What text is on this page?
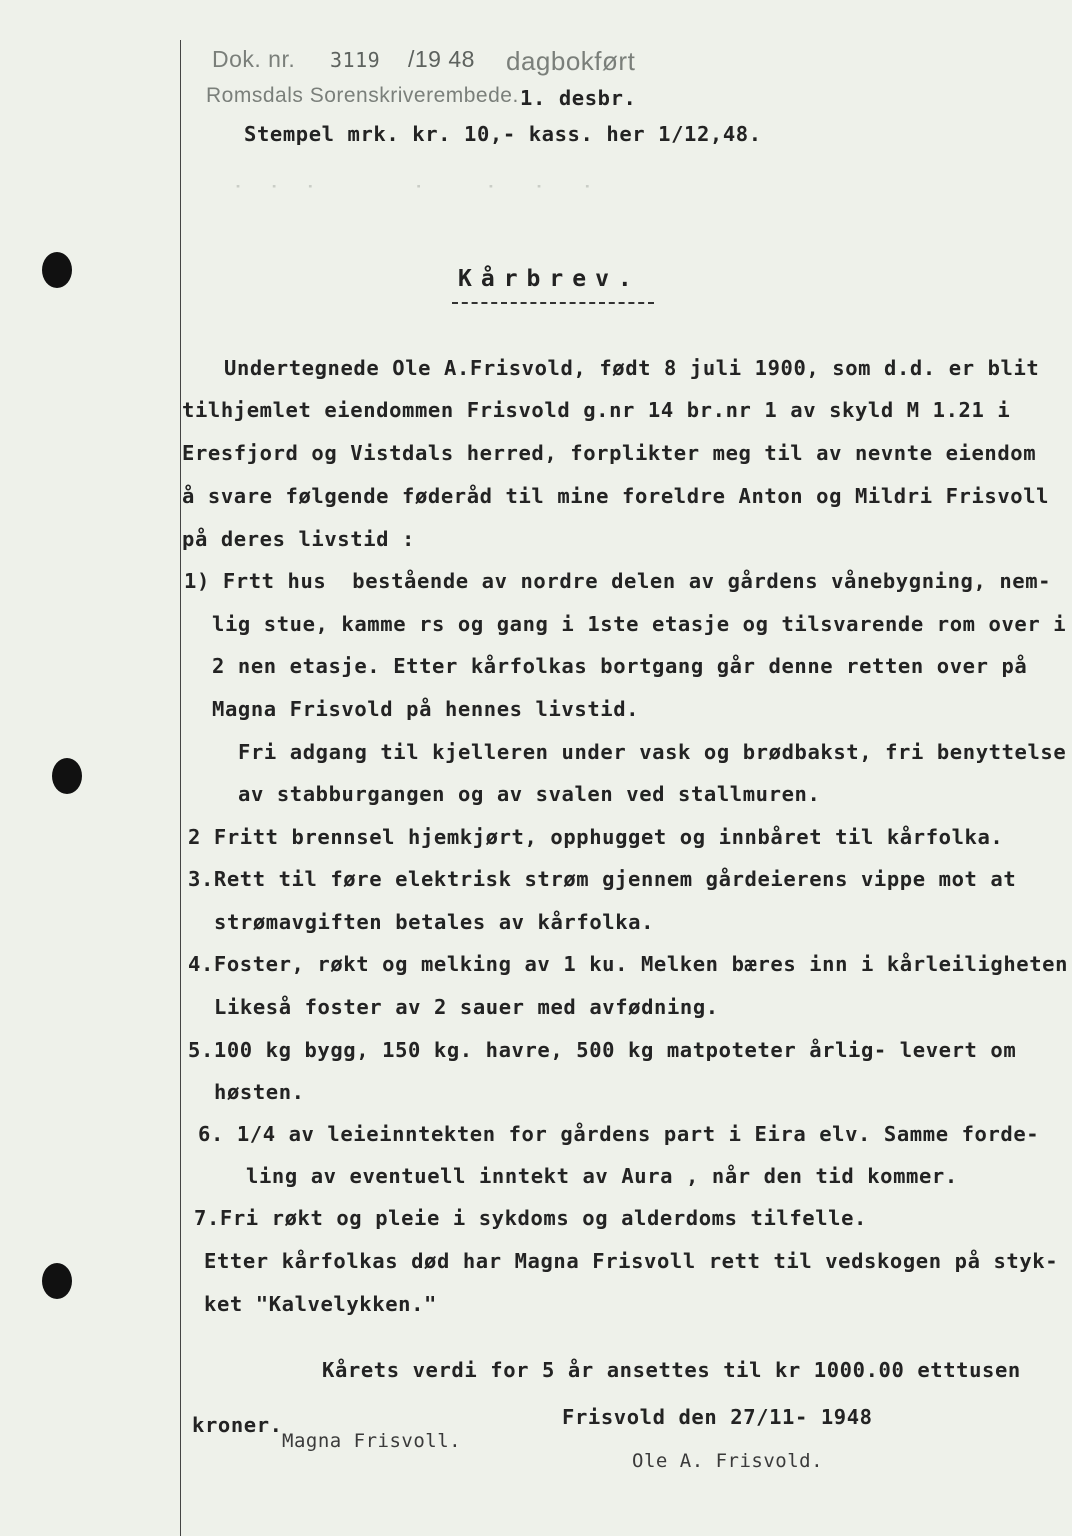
Dok. nr. 3119 /19 48 dagbokført
Romsdals Sorenskriverembede. 1. desbr.
Stempel mrk. kr. 10,- kass. her 1/12,48.
˙  ˙  ˙        ˙     ˙   ˙   ˙
Kårbrev.
Undertegnede Ole A.Frisvold, født 8 juli 1900, som d.d. er blit
tilhjemlet eiendommen Frisvold g.nr 14 br.nr 1 av skyld M 1.21 i
Eresfjord og Vistdals herred, forplikter meg til av nevnte eiendom
å svare følgende føderåd til mine foreldre Anton og Mildri Frisvoll
på deres livstid :
1) Frtt hus  bestående av nordre delen av gårdens vånebygning, nem-
lig stue, kamme rs og gang i 1ste etasje og tilsvarende rom over i
2 nen etasje. Etter kårfolkas bortgang går denne retten over på
Magna Frisvold på hennes livstid.
Fri adgang til kjelleren under vask og brødbakst, fri benyttelse
av stabburgangen og av svalen ved stallmuren.
2 Fritt brennsel hjemkjørt, opphugget og innbåret til kårfolka.
3.Rett til føre elektrisk strøm gjennem gårdeierens vippe mot at
strømavgiften betales av kårfolka.
4.Foster, røkt og melking av 1 ku. Melken bæres inn i kårleiligheten
Likeså foster av 2 sauer med avfødning.
5.100 kg bygg, 150 kg. havre, 500 kg matpoteter årlig- levert om
høsten.
6. 1/4 av leieinntekten for gårdens part i Eira elv. Samme forde-
ling av eventuell inntekt av Aura , når den tid kommer.
7.Fri røkt og pleie i sykdoms og alderdoms tilfelle.
Etter kårfolkas død har Magna Frisvoll rett til vedskogen på styk-
ket "Kalvelykken."
Kårets verdi for 5 år ansettes til kr 1000.00 etttusen
kroner.
Magna Frisvoll.
Frisvold den 27/11- 1948
Ole A. Frisvold.
